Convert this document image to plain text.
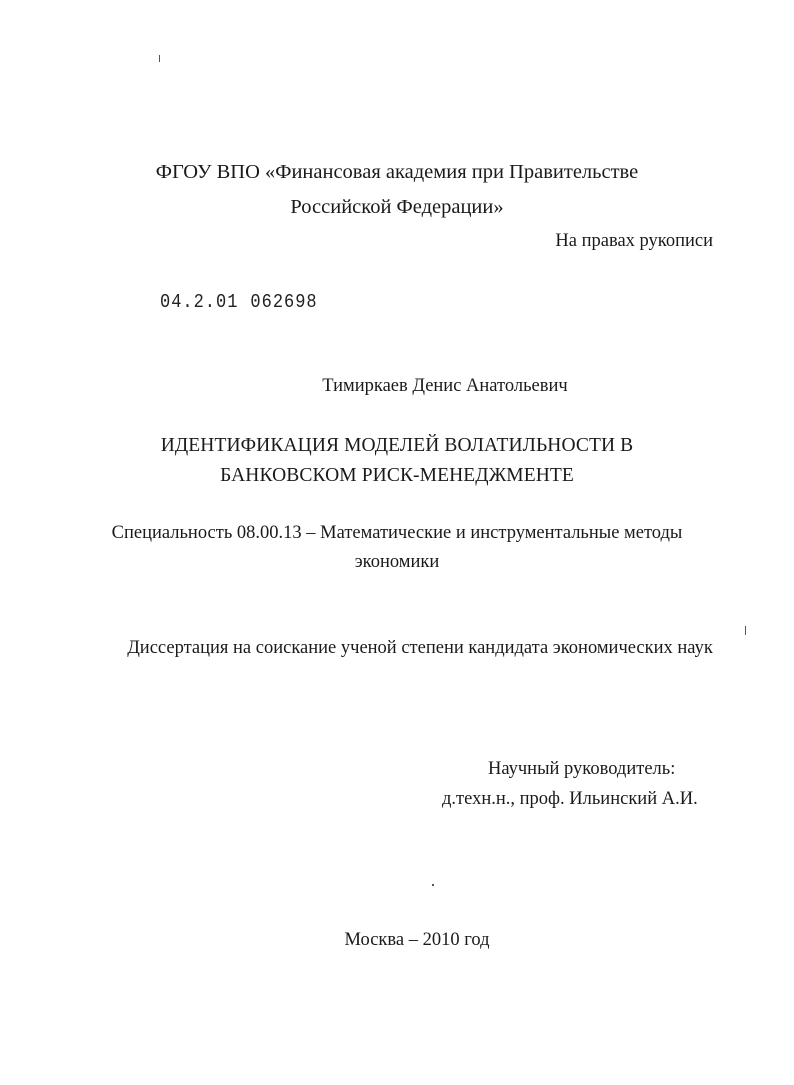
ФГОУ ВПО «Финансовая академия при Правительстве
Российской Федерации»
На правах рукописи
04.2.01 062698
Тимиркаев Денис Анатольевич
ИДЕНТИФИКАЦИЯ МОДЕЛЕЙ ВОЛАТИЛЬНОСТИ В
БАНКОВСКОМ РИСК-МЕНЕДЖМЕНТЕ
Специальность 08.00.13 – Математические и инструментальные методы
экономики
Диссертация на соискание ученой степени кандидата экономических наук
Научный руководитель:
д.техн.н., проф. Ильинский А.И.
Москва – 2010 год
